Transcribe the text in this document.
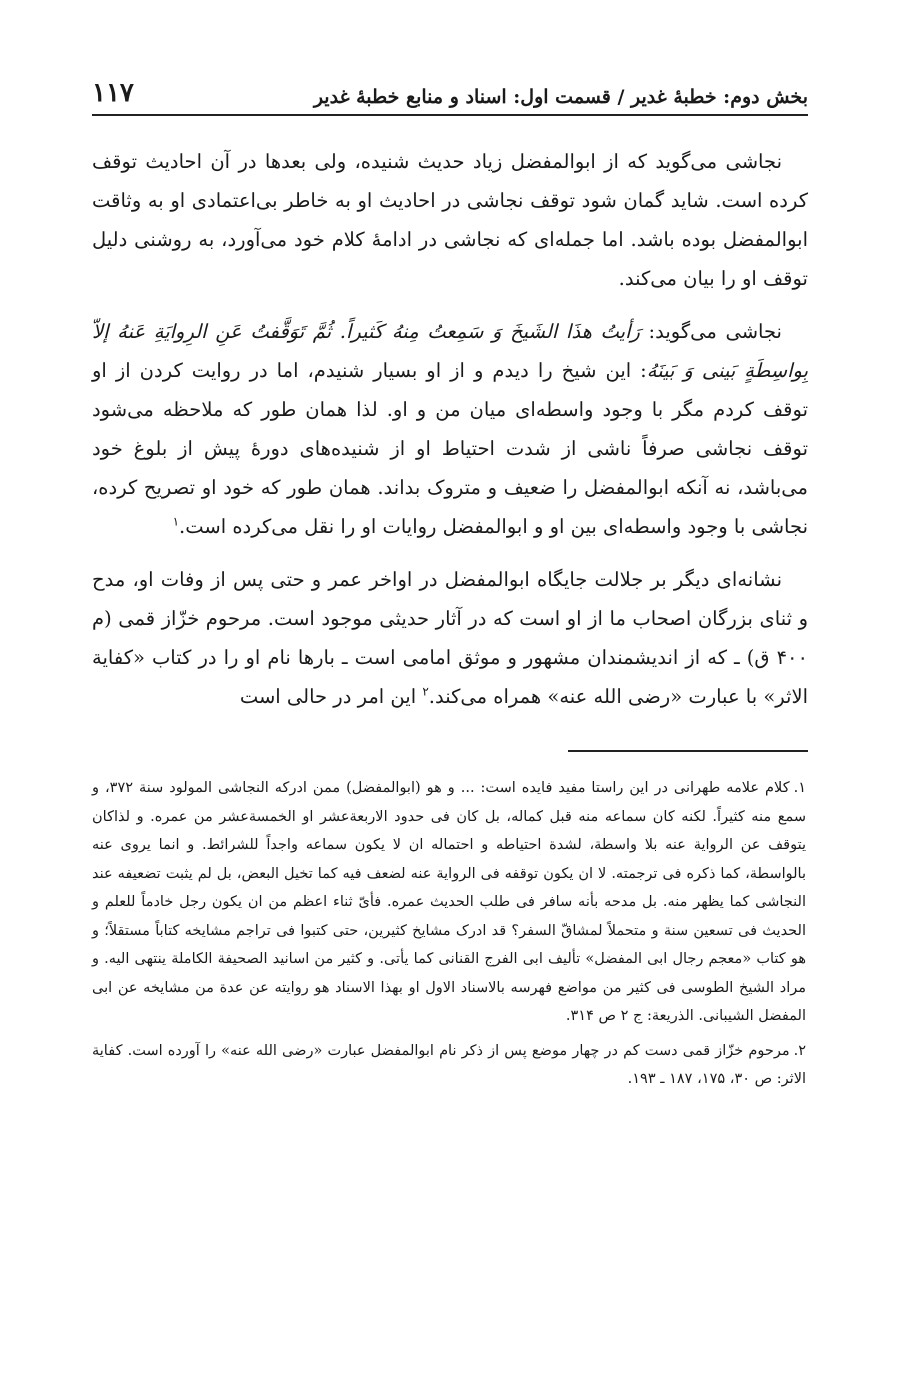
بخش دوم: خطبهٔ غدیر / قسمت اول: اسناد و منابع خطبهٔ غدیر
۱۱۷

نجاشی می‌گوید که از ابوالمفضل زیاد حدیث شنیده، ولی بعدها در آن احادیث توقف کرده است. شاید گمان شود توقف نجاشی در احادیث او به خاطر بی‌اعتمادی او به وثاقت ابوالمفضل بوده باشد. اما جمله‌ای که نجاشی در ادامهٔ کلام خود می‌آورد، به روشنی دلیل توقف او را بیان می‌کند.

نجاشی می‌گوید: رَأیتُ هذَا الشَیخَ وَ سَمِعتُ مِنهُ کَثیراً. ثُمَّ تَوَقَّفتُ عَنِ الرِوایَةِ عَنهُ إلاّ بِواسِطَةٍ بَینی وَ بَینَهُ: این شیخ را دیدم و از او بسیار شنیدم، اما در روایت کردن از او توقف کردم مگر با وجود واسطه‌ای میان من و او. لذا همان طور که ملاحظه می‌شود توقف نجاشی صرفاً ناشی از شدت احتیاط او از شنیده‌های دورهٔ پیش از بلوغ خود می‌باشد، نه آنکه ابوالمفضل را ضعیف و متروک بداند. همان طور که خود او تصریح کرده، نجاشی با وجود واسطه‌ای بین او و ابوالمفضل روایات او را نقل می‌کرده است.$^۱$

نشانه‌ای دیگر بر جلالت جایگاه ابوالمفضل در اواخر عمر و حتی پس از وفات او، مدح و ثنای بزرگان اصحاب ما از او است که در آثار حدیثی موجود است. مرحوم خزّاز قمی (م ۴۰۰ ق) ـ که از اندیشمندان مشهور و موثق امامی است ـ بارها نام او را در کتاب «کفایة الاثر» با عبارت «رضی الله عنه» همراه می‌کند.$^۲$ این امر در حالی است

۱.کلام علامه طهرانی در این راستا مفید فایده است: ... و هو (ابوالمفضل) ممن ادرکه النجاشی المولود سنة ۳۷۲، و سمع منه کثیراً. لکنه کان سماعه منه قبل کماله، بل کان فی حدود الاربعةعشر او الخمسةعشر من عمره. و لذاکان یتوقف عن الروایة عنه بلا واسطة، لشدة احتیاطه و احتماله ان لا یکون سماعه واجداً للشرائط. و انما یروی عنه بالواسطة، کما ذکره فی ترجمته. لا ان یکون توقفه فی الروایة عنه لضعف فیه کما تخیل البعض، بل لم یثبت تضعیفه عند النجاشی کما یظهر منه. بل مدحه بأنه سافر فی طلب الحدیث عمره. فأیّ ثناء اعظم من ان یکون رجل خادماً للعلم و الحدیث فی تسعین سنة و متحملاً لمشاقّ السفر؟ قد ادرک مشایخ کثیرین، حتی کتبوا فی تراجم مشایخه کتاباً مستقلاً؛ و هو کتاب «معجم رجال ابی المفضل» تألیف ابی الفرج القنانی کما یأتی. و کثیر من اسانید الصحیفة الکاملة ینتهی الیه. و مراد الشیخ الطوسی فی کثیر من مواضع فهرسه بالاسناد الاول او بهذا الاسناد هو روایته عن عدة من مشایخه عن ابی المفضل الشیبانی. الذریعة: ج ۲ ص ۳۱۴.

۲.مرحوم خزّاز قمی دست کم در چهار موضع پس از ذکر نام ابوالمفضل عبارت «رضی الله عنه» را آورده است. کفایة الاثر: ص ۳۰، ۱۷۵، ۱۸۷ ـ ۱۹۳.
